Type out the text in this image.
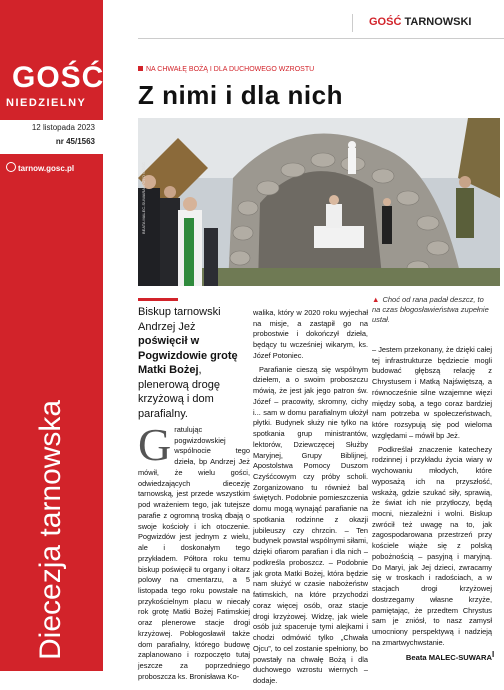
GOŚĆ
NIEDZIELNY
12 listopada 2023
nr 45/1563
tarnow.gosc.pl
Diecezja tarnowska
GOŚĆ TARNOWSKI
NA CHWAŁĘ BOŻĄ I DLA DUCHOWEGO WZROSTU
Z nimi i dla nich
BEATA MALEC-SUWARA /FOTO GOŚĆ
▲ Choć od rana padał deszcz, to na czas błogosławieństwa zupełnie ustał.
Biskup tarnowski Andrzej Jeż poświęcił w Pogwizdowie grotę Matki Bożej, plenerową drogę krzyżową i dom parafialny.

Gratulując pogwizdowskiej wspólnocie tego dzieła, bp Andrzej Jeż mówił, że wielu gości, odwiedzających diecezję tarnowską, jest przede wszystkim pod wrażeniem tego, jak tutejsze parafie z ogromną troską dbają o swoje kościoły i ich otoczenie. Pogwizdów jest jednym z wielu, ale i doskonałym tego przykładem. Półtora roku temu biskup poświęcił tu organy i ołtarz polowy na cmentarzu, a 5 listopada tego roku powstałe na przykościelnym placu w niecały rok grotę Matki Bożej Fatimskiej oraz plenerowe stacje drogi krzyżowej. Pobłogosławił także dom parafialny, którego budowę zaplanowano i rozpoczęto tutaj jeszcze za poprzedniego proboszcza ks. Bronisława Ko-

walika, który w 2020 roku wyjechał na misje, a zastąpił go na probostwie i dokończył dzieła, będący tu wcześniej wikarym, ks. Józef Potoniec.

Parafianie cieszą się wspólnym dziełem, a o swoim proboszczu mówią, że jest jak jego patron św. Józef – pracowity, skromny, cichy i... sam w domu parafialnym ułożył płytki. Budynek służy nie tylko na spotkania grup ministrantów, lektorów, Dziewczęcej Służby Maryjnej, Grupy Biblijnej, Apostolstwa Pomocy Duszom Czyśćcowym czy próby scholi. Zorganizowano tu również bal świętych. Podobnie pomieszczenia domu mogą wynająć parafianie na spotkania rodzinne z okazji jubileuszy czy chrzcin. – Ten budynek powstał wspólnymi siłami, dzięki ofiarom parafian i dla nich – podkreśla proboszcz. – Podobnie jak grota Matki Bożej, która będzie nam służyć w czasie nabożeństw fatimskich, na które przychodzi coraz więcej osób, oraz stacje drogi krzyżowej. Widzę, jak wiele osób już spaceruje tymi alejkami i chodzi odmówić tylko „Chwała Ojcu”, to cel zostanie spełniony, bo powstały na chwałę Bożą i dla duchowego wzrostu wiernych – dodaje.

– Jestem przekonany, że dzięki całej tej infrastrukturze będziecie mogli budować głębszą relację z Chrystusem i Matką Najświętszą, a równocześnie silne wzajemne więzi między sobą, a tego coraz bardziej nam potrzeba w społeczeństwach, które rozsypują się pod wieloma względami – mówił bp Jeż.

Podkreślał znaczenie katechezy rodzinnej i przykładu życia wiary w wychowaniu młodych, które wyposażą ich na przyszłość, wskażą, gdzie szukać siły, sprawią, że świat ich nie przytłoczy, będą mocni, niezależni i wolni. Biskup zwrócił też uwagę na to, jak zagospodarowana przestrzeń przy kościele wiąże się z polską pobożnością – pasyjną i maryjną. Do Maryi, jak Jej dzieci, zwracamy się w troskach i radościach, a w stacjach drogi krzyżowej dostrzegamy własne krzyże, pamiętając, że przedtem Chrystus sam je zniósł, to nasz zamysł umocniony perspektywą i nadzieją na zmartwychwstanie.

Beata MALEC-SUWARA I
